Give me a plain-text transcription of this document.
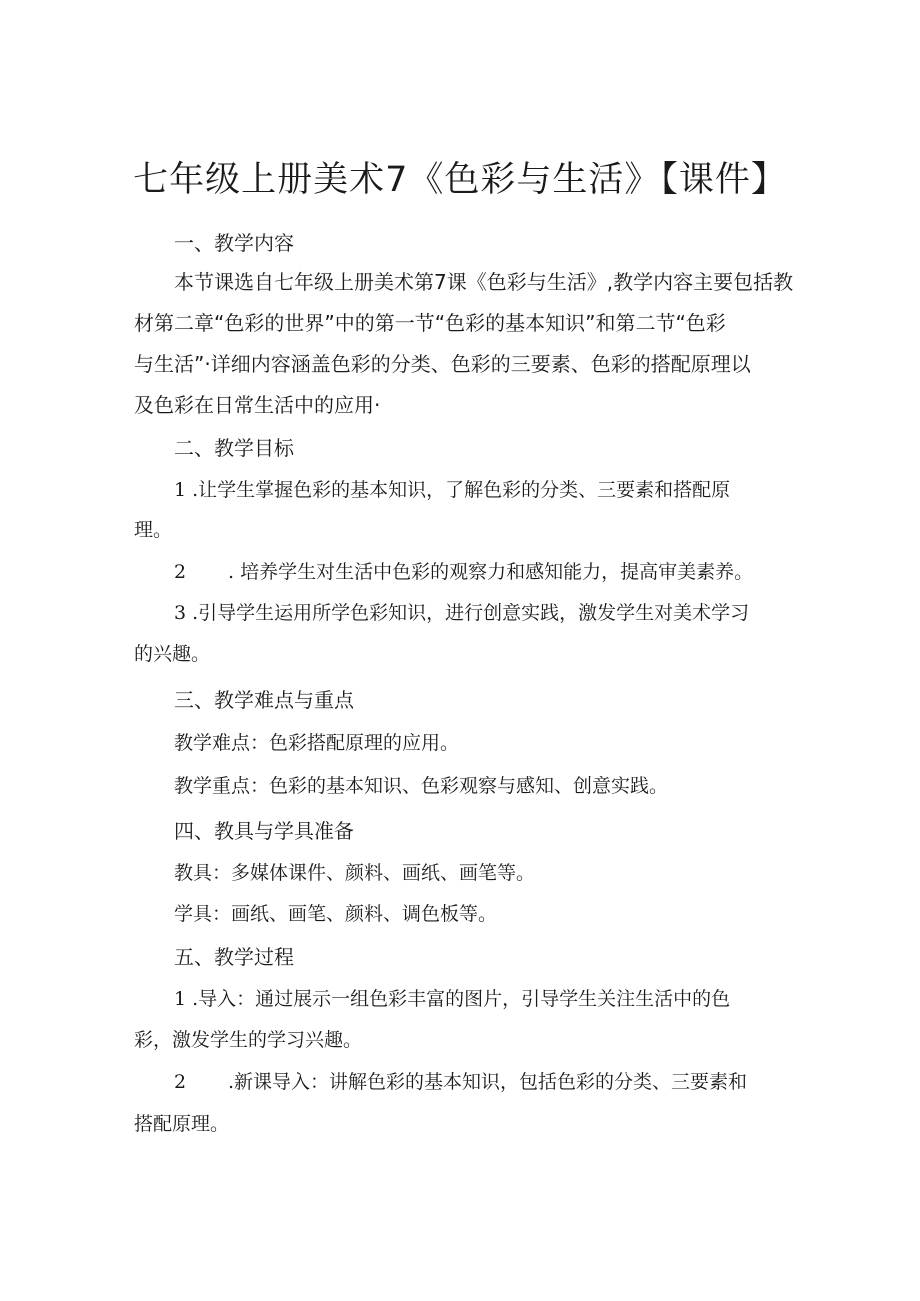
七年级上册美术7《色彩与生活》【课件】
一、教学内容
本节课选自七年级上册美术第7课《色彩与生活》,教学内容主要包括教
材第二章“色彩的世界”中的第一节“色彩的基本知识”和第二节“色彩
与生活”·详细内容涵盖色彩的分类、色彩的三要素、色彩的搭配原理以
及色彩在日常生活中的应用·
二、教学目标
1 .让学生掌握色彩的基本知识，了解色彩的分类、三要素和搭配原
理。
2 . 培养学生对生活中色彩的观察力和感知能力，提高审美素养。
3 .引导学生运用所学色彩知识，进行创意实践，激发学生对美术学习
的兴趣。
三、教学难点与重点
教学难点：色彩搭配原理的应用。
教学重点：色彩的基本知识、色彩观察与感知、创意实践。
四、教具与学具准备
教具：多媒体课件、颜料、画纸、画笔等。
学具：画纸、画笔、颜料、调色板等。
五、教学过程
1 .导入：通过展示一组色彩丰富的图片，引导学生关注生活中的色
彩，激发学生的学习兴趣。
2 .新课导入：讲解色彩的基本知识，包括色彩的分类、三要素和
搭配原理。
